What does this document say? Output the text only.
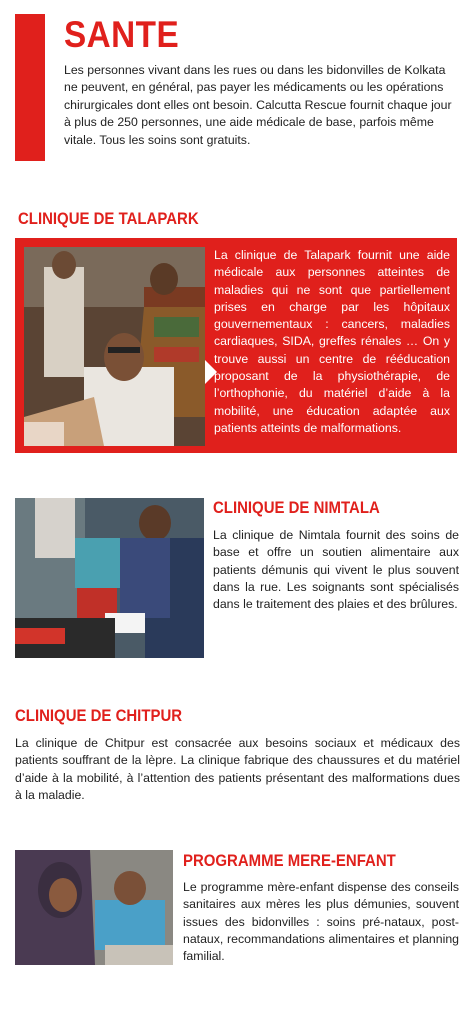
SANTE
Les personnes vivant dans les rues ou dans les bidonvilles de Kolkata ne peuvent, en général, pas payer les médicaments ou les opérations chirurgicales dont elles ont besoin. Calcutta Rescue fournit chaque jour à plus de 250 personnes, une aide médicale de base, parfois même vitale. Tous les soins sont gratuits.
CLINIQUE DE TALAPARK
La clinique de Talapark fournit une aide médicale aux personnes atteintes de maladies qui ne sont que partiellement prises en charge par les hôpitaux gouvernementaux : cancers, maladies cardiaques, SIDA, greffes rénales … On y trouve aussi un centre de rééducation proposant de la physiothérapie, de l’orthophonie, du matériel d’aide à la mobilité, une éducation adaptée aux patients atteints de malformations.
CLINIQUE DE NIMTALA
La clinique de Nimtala fournit des soins de base et offre un soutien alimentaire aux patients démunis qui vivent le plus souvent dans la rue. Les soignants sont spécialisés dans le traitement des plaies et des brûlures.
CLINIQUE DE CHITPUR
La clinique de Chitpur est consacrée aux besoins sociaux et médicaux des patients souffrant de la lèpre. La clinique fabrique des chaussures et du matériel d’aide à la mobilité, à l’attention des patients présentant des malformations dues à la maladie.
PROGRAMME MERE-ENFANT
Le programme mère-enfant dispense des conseils sanitaires aux mères les plus démunies, souvent issues des bidonvilles : soins pré-nataux, post-nataux, recommandations alimentaires et planning familial.
